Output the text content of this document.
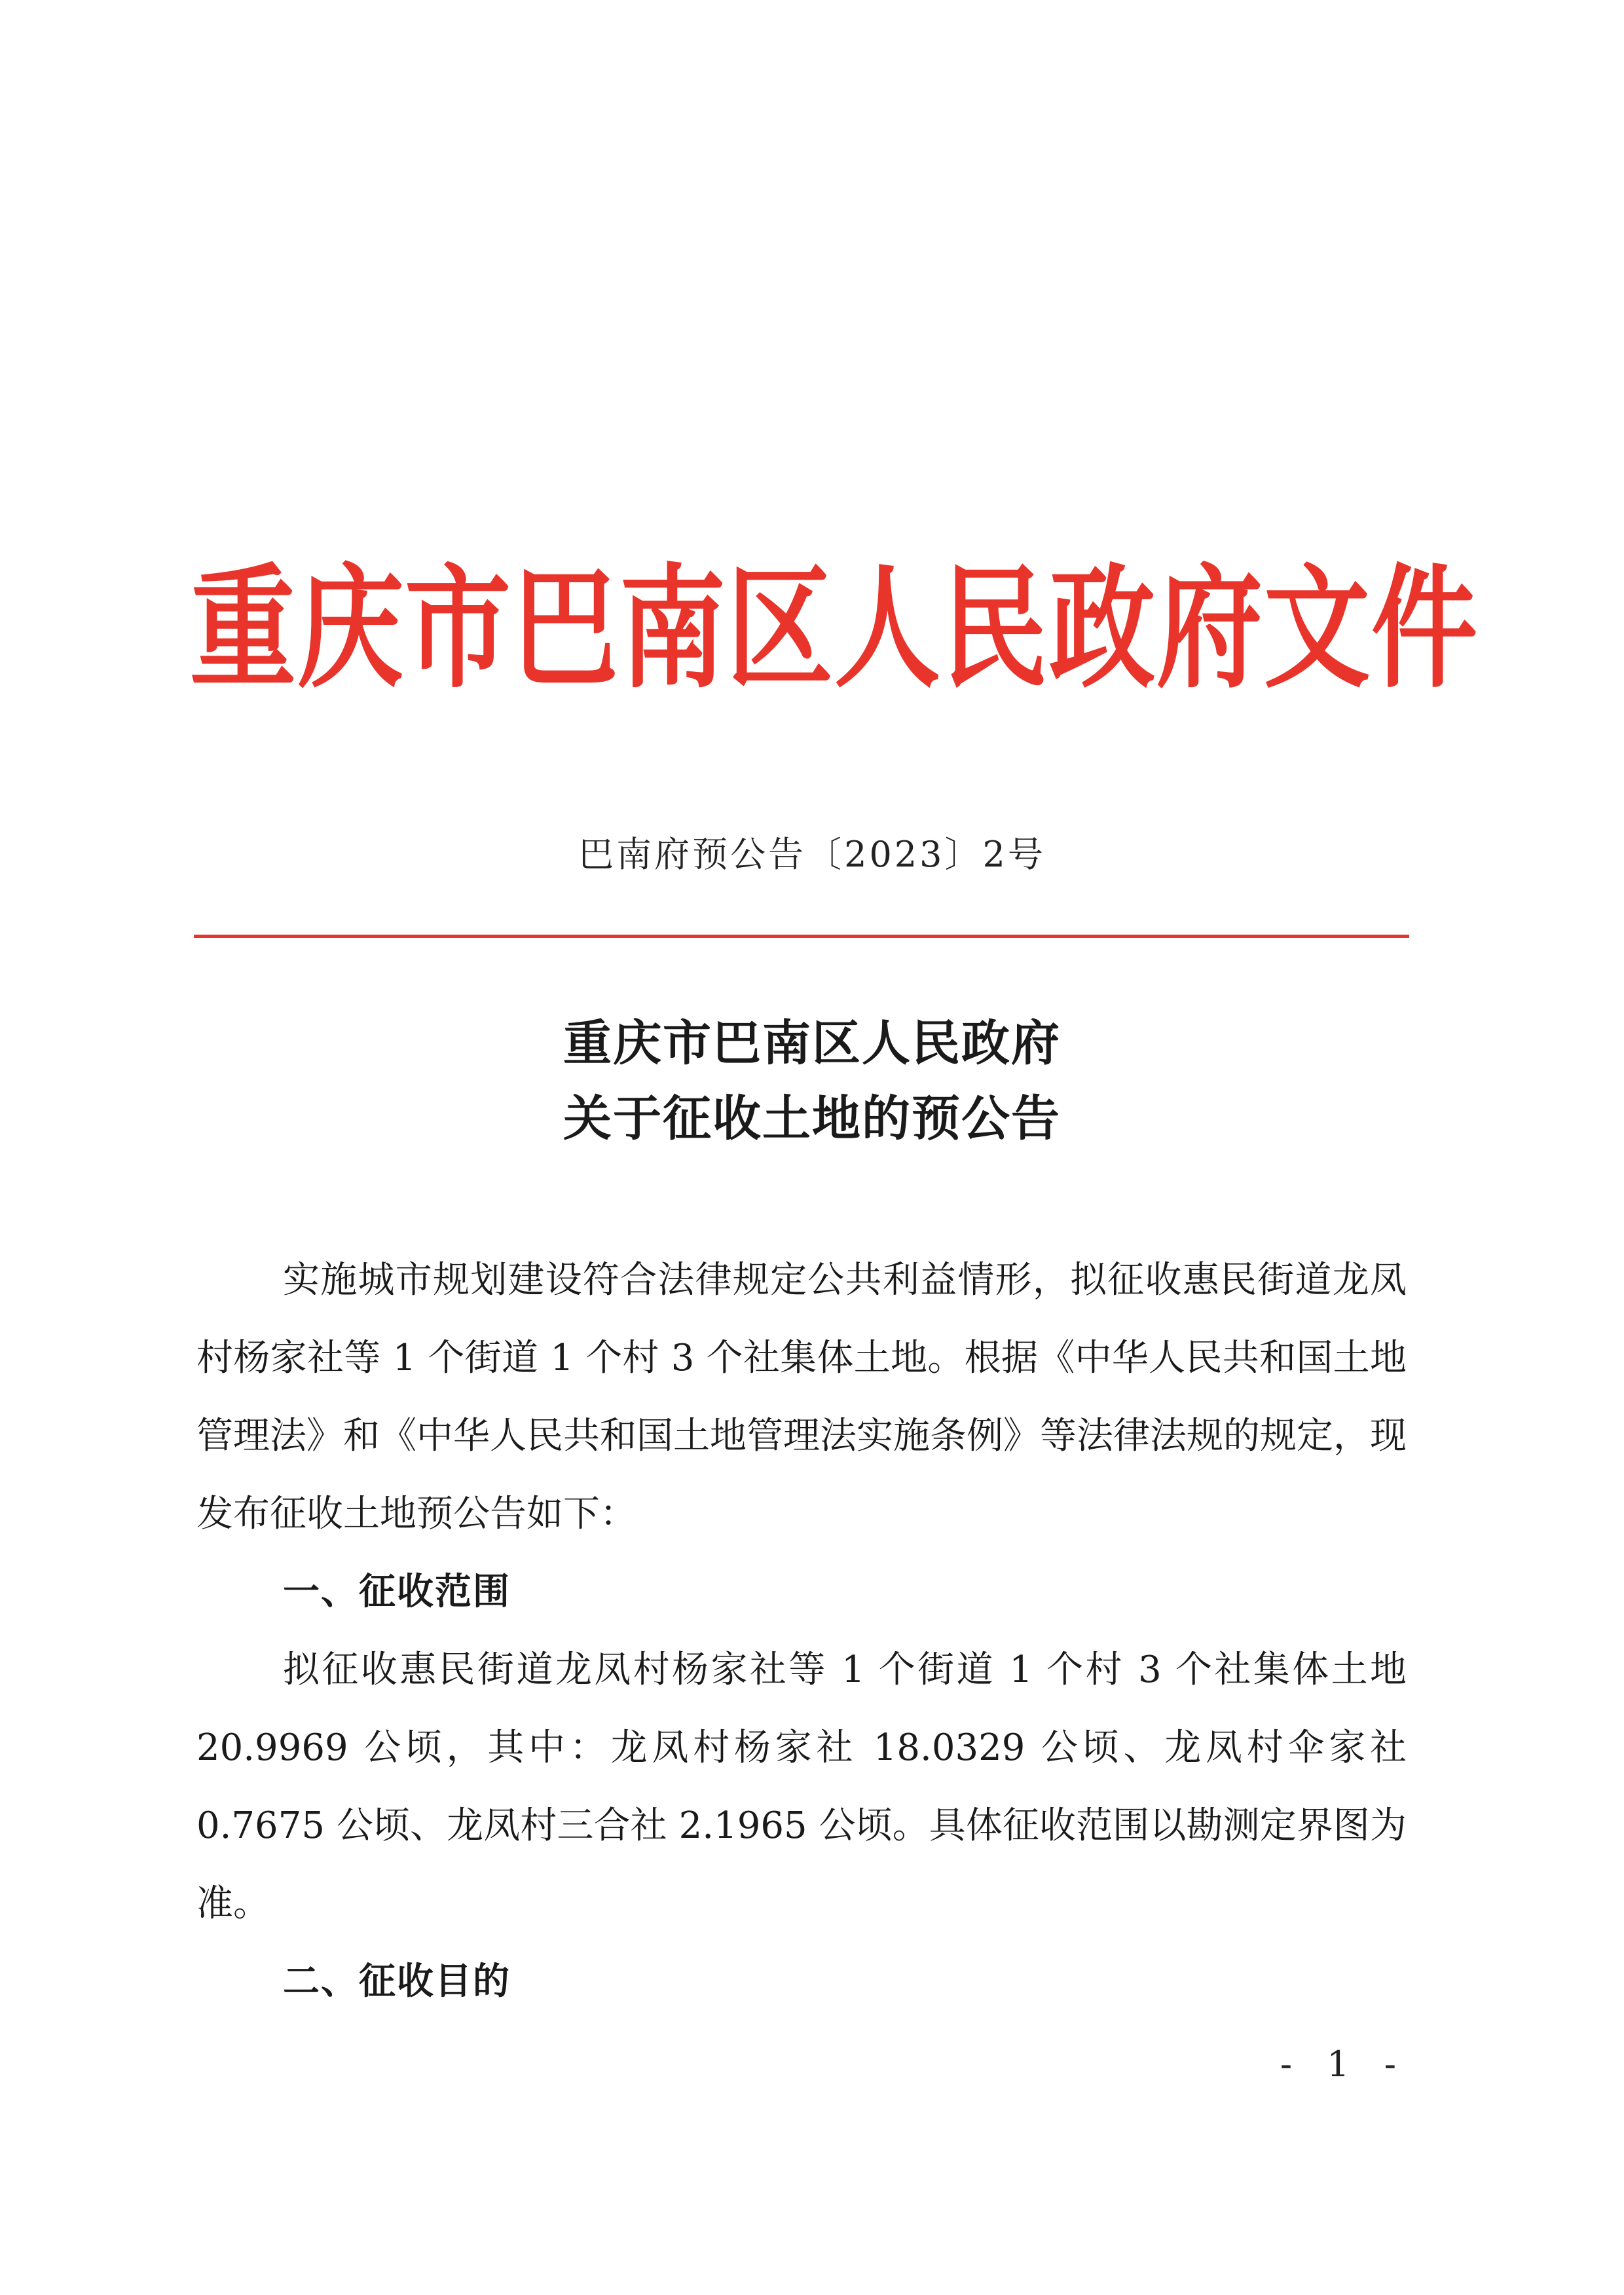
重庆市巴南区人民政府文件
巴南府预公告〔2023〕2号
重庆市巴南区人民政府
关于征收土地的预公告

实施城市规划建设符合法律规定公共利益情形，拟征收惠民街道龙凤村杨家社等 1 个街道 1 个村 3 个社集体土地。根据《中华人民共和国土地管理法》和《中华人民共和国土地管理法实施条例》等法律法规的规定，现发布征收土地预公告如下：

一、征收范围

拟征收惠民街道龙凤村杨家社等 1 个街道 1 个村 3 个社集体土地 20.9969 公顷，其中：龙凤村杨家社 18.0329 公顷、龙凤村伞家社 0.7675 公顷、龙凤村三合社 2.1965 公顷。具体征收范围以勘测定界图为准。

二、征收目的
- 1 -
